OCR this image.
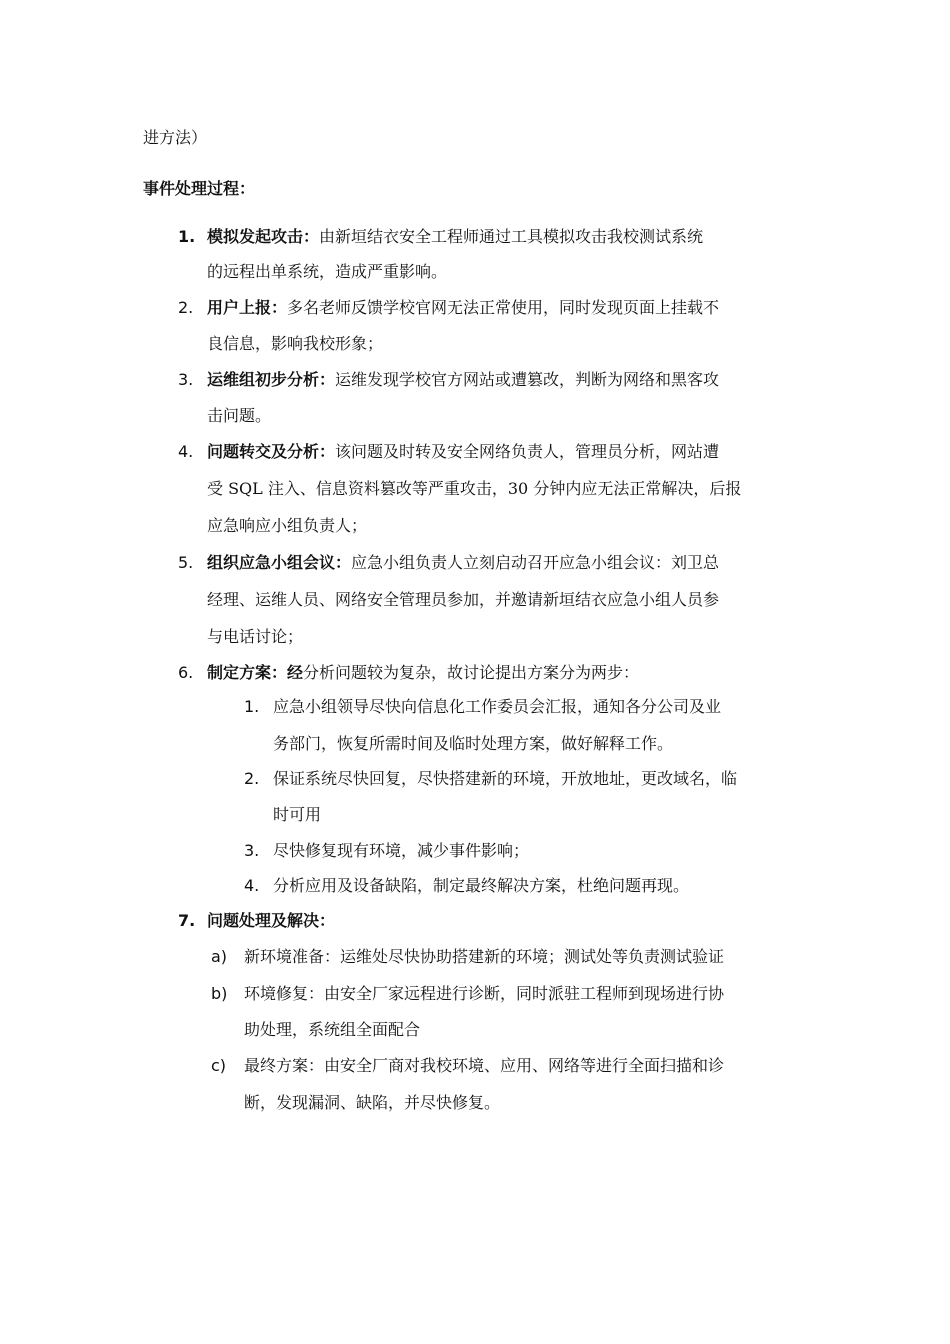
进方法）
事件处理过程：
1. 模拟发起攻击：由新垣结衣安全工程师通过工具模拟攻击我校测试系统
的远程出单系统，造成严重影响。
2. 用户上报：多名老师反馈学校官网无法正常使用，同时发现页面上挂载不
良信息，影响我校形象；
3. 运维组初步分析：运维发现学校官方网站或遭篡改，判断为网络和黑客攻
击问题。
4. 问题转交及分析：该问题及时转及安全网络负责人，管理员分析，网站遭
受 SQL 注入、信息资料篡改等严重攻击，30 分钟内应无法正常解决，后报
应急响应小组负责人；
5. 组织应急小组会议：应急小组负责人立刻启动召开应急小组会议：刘卫总
经理、运维人员、网络安全管理员参加，并邀请新垣结衣应急小组人员参
与电话讨论；
6. 制定方案：经分析问题较为复杂，故讨论提出方案分为两步：
1. 应急小组领导尽快向信息化工作委员会汇报，通知各分公司及业
务部门，恢复所需时间及临时处理方案，做好解释工作。
2. 保证系统尽快回复，尽快搭建新的环境，开放地址，更改域名，临
时可用
3. 尽快修复现有环境，减少事件影响；
4. 分析应用及设备缺陷，制定最终解决方案，杜绝问题再现。
7. 问题处理及解决：
a) 新环境准备：运维处尽快协助搭建新的环境；测试处等负责测试验证
b) 环境修复：由安全厂家远程进行诊断，同时派驻工程师到现场进行协
助处理，系统组全面配合
c) 最终方案：由安全厂商对我校环境、应用、网络等进行全面扫描和诊
断，发现漏洞、缺陷，并尽快修复。
